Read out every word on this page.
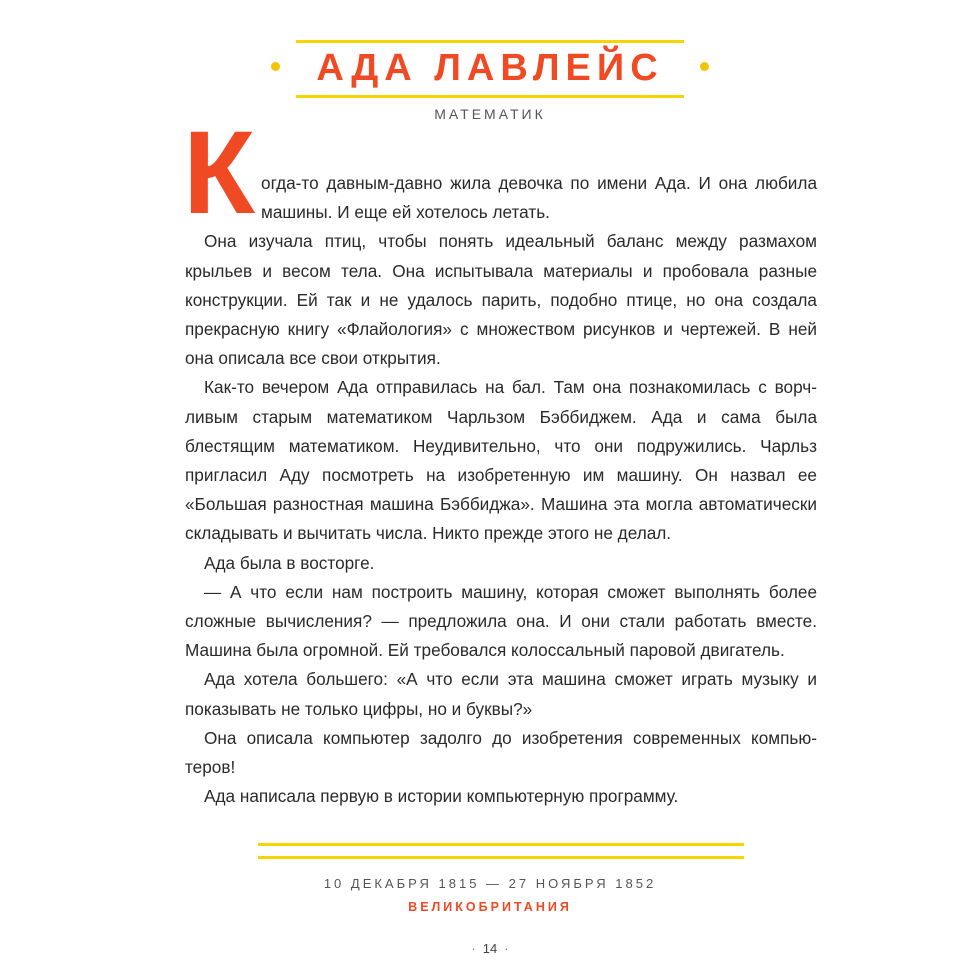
АДА ЛАВЛЕЙС
МАТЕМАТИК
К огда-то давным-давно жила девочка по имени Ада. И она любила машины. И еще ей хотелось летать.

Она изучала птиц, чтобы понять идеальный баланс между размахом крыльев и весом тела. Она испытывала материалы и пробовала разные конструкции. Ей так и не удалось парить, подобно птице, но она создала прекрасную книгу «Флайология» с множеством рисунков и чертежей. В ней она описала все свои открытия.

Как-то вечером Ада отправилась на бал. Там она познакомилась с ворчливым старым математиком Чарльзом Бэббиджем. Ада и сама была блестящим математиком. Неудивительно, что они подружились. Чарльз пригласил Аду посмотреть на изобретенную им машину. Он назвал ее «Большая разностная машина Бэббиджа». Машина эта могла автоматически складывать и вычитать числа. Никто прежде этого не делал.

Ада была в восторге.

— А что если нам построить машину, которая сможет выполнять более сложные вычисления? — предложила она. И они стали работать вместе. Машина была огромной. Ей требовался колоссальный паровой двигатель.

Ада хотела большего: «А что если эта машина сможет играть музыку и показывать не только цифры, но и буквы?»

Она описала компьютер задолго до изобретения современных компьютеров!

Ада написала первую в истории компьютерную программу.

10 ДЕКАБРЯ 1815 — 27 НОЯБРЯ 1852
ВЕЛИКОБРИТАНИЯ
· 14 ·
